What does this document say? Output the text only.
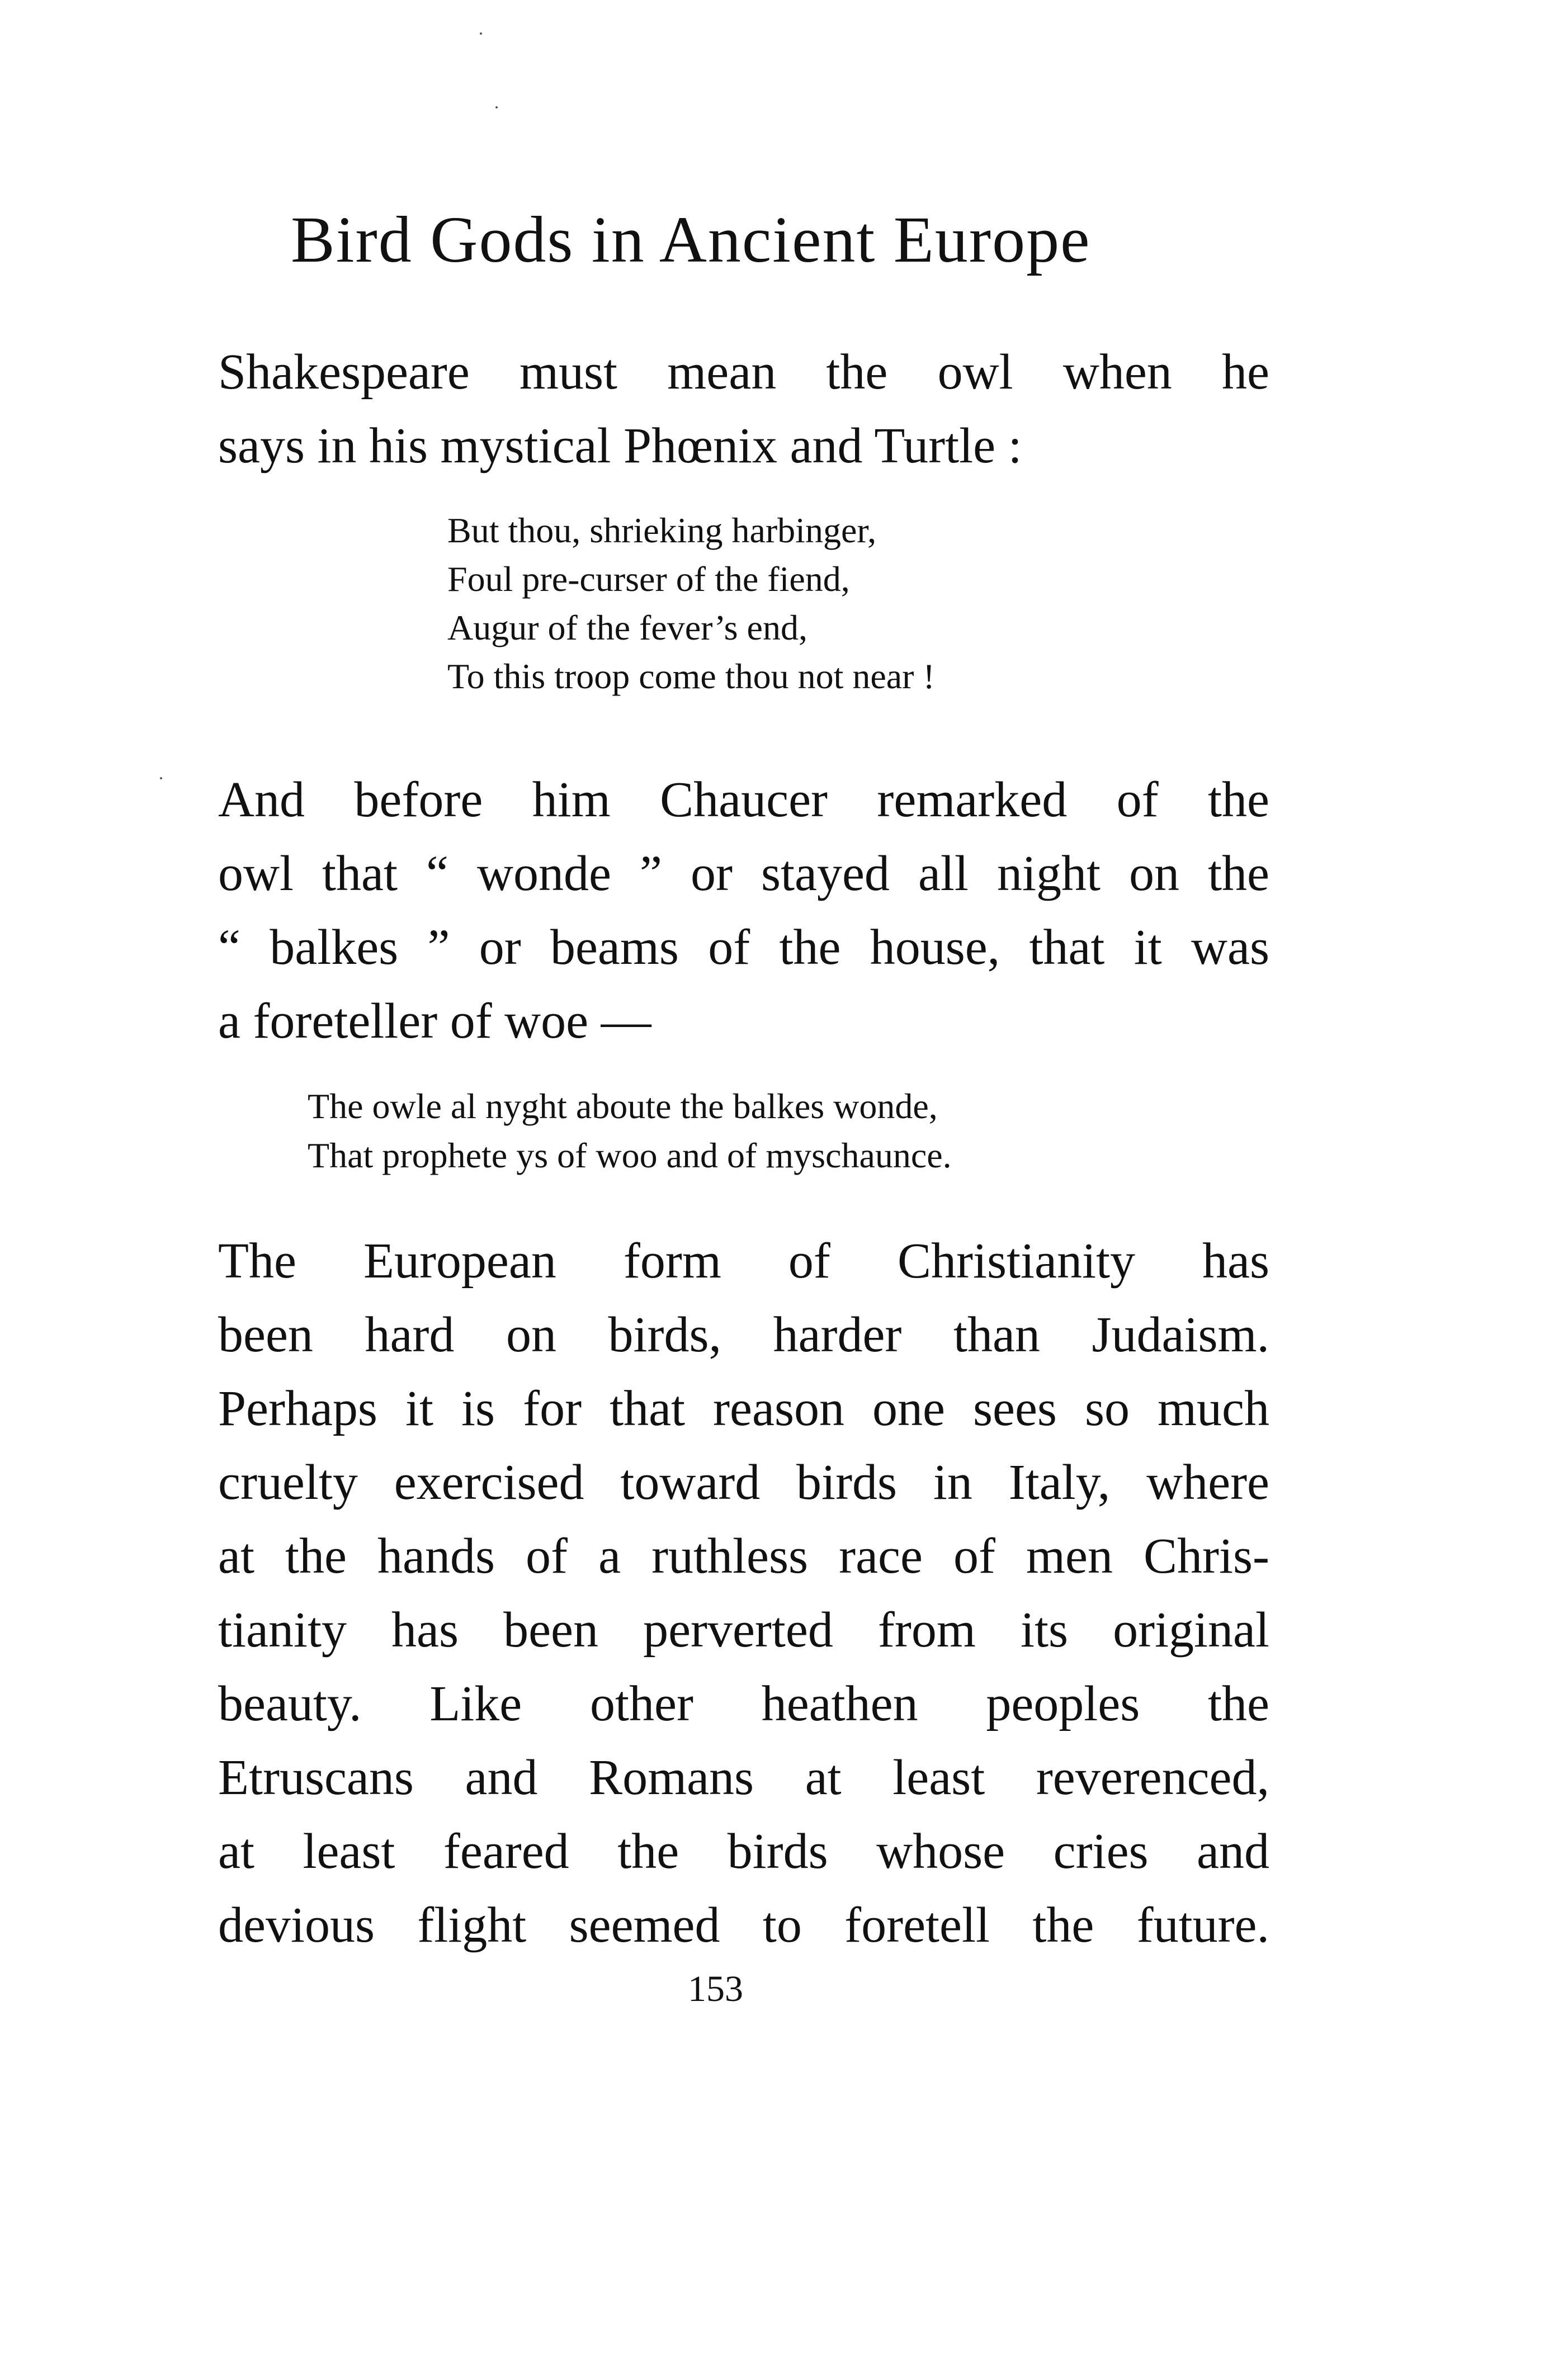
Bird Gods in Ancient Europe
Shakespeare must mean the owl when he
says in his mystical Phœnix and Turtle :
But thou, shrieking harbinger,
Foul pre-curser of the fiend,
Augur of the fever’s end,
To this troop come thou not near !
And before him Chaucer remarked of the
owl that “ wonde ” or stayed all night on the
“ balkes ” or beams of the house, that it was
a foreteller of woe —
The owle al nyght aboute the balkes wonde,
That prophete ys of woo and of myschaunce.
The European form of Christianity has
been hard on birds, harder than Judaism.
Perhaps it is for that reason one sees so much
cruelty exercised toward birds in Italy, where
at the hands of a ruthless race of men Chris-
tianity has been perverted from its original
beauty. Like other heathen peoples the
Etruscans and Romans at least reverenced,
at least feared the birds whose cries and
devious flight seemed to foretell the future.
153
